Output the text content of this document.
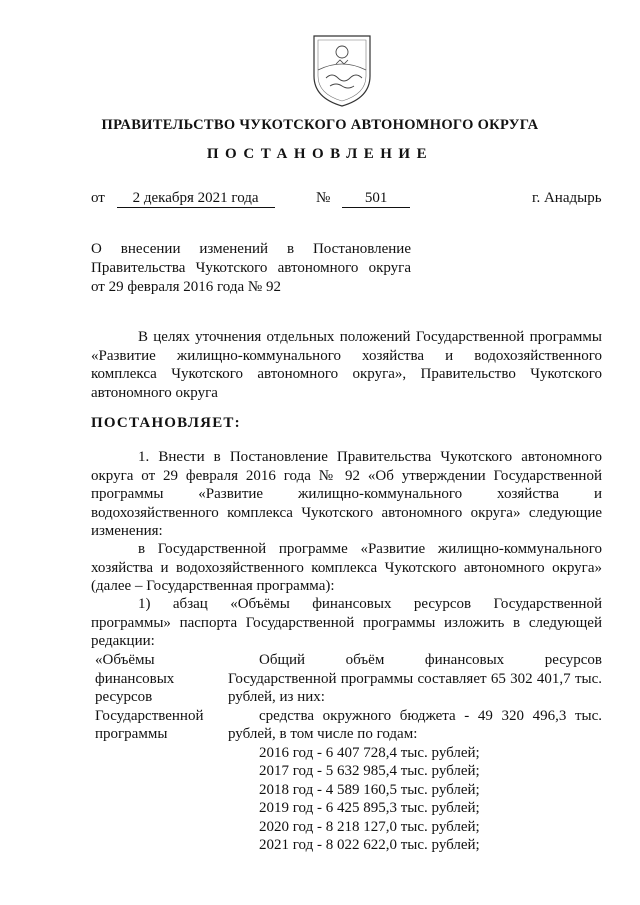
ПРАВИТЕЛЬСТВО ЧУКОТСКОГО АВТОНОМНОГО ОКРУГА
ПОСТАНОВЛЕНИЕ
от 2 декабря 2021 года	№ 501	г. Анадырь
О внесении изменений в Постановление
Правительства Чукотского автономного округа
от 29 февраля 2016 года № 92
В целях уточнения отдельных положений Государственной программы
«Развитие жилищно-коммунального хозяйства и водохозяйственного
комплекса Чукотского автономного округа», Правительство Чукотского
автономного округа
ПОСТАНОВЛЯЕТ:
1. Внести в Постановление Правительства Чукотского автономного
округа от 29 февраля 2016 года № 92 «Об утверждении Государственной
программы «Развитие жилищно-коммунального хозяйства и
водохозяйственного комплекса Чукотского автономного округа» следующие
изменения:
в Государственной программе «Развитие жилищно-коммунального
хозяйства и водохозяйственного комплекса Чукотского автономного округа»
(далее – Государственная программа):
1) абзац «Объёмы финансовых ресурсов Государственной
программы» паспорта Государственной программы изложить в следующей
редакции:
«Объёмы
финансовых
ресурсов
Государственной
программы
Общий объём финансовых ресурсов
Государственной программы составляет 65 302 401,7 тыс.
рублей, из них:
средства окружного бюджета - 49 320 496,3 тыс.
рублей, в том числе по годам:
2016 год - 6 407 728,4 тыс. рублей;
2017 год - 5 632 985,4 тыс. рублей;
2018 год - 4 589 160,5 тыс. рублей;
2019 год - 6 425 895,3 тыс. рублей;
2020 год - 8 218 127,0 тыс. рублей;
2021 год - 8 022 622,0 тыс. рублей;
